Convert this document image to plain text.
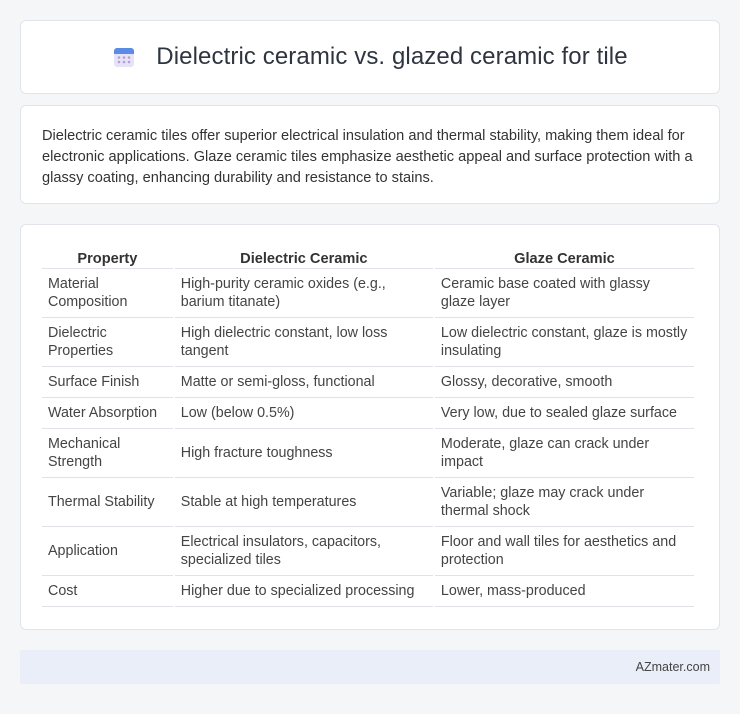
Dielectric ceramic vs. glazed ceramic for tile

Dielectric ceramic tiles offer superior electrical insulation and thermal stability, making them ideal for electronic applications. Glaze ceramic tiles emphasize aesthetic appeal and surface protection with a glassy coating, enhancing durability and resistance to stains.

Property	Dielectric Ceramic	Glaze Ceramic
Material Composition	High-purity ceramic oxides (e.g., barium titanate)	Ceramic base coated with glassy glaze layer
Dielectric Properties	High dielectric constant, low loss tangent	Low dielectric constant, glaze is mostly insulating
Surface Finish	Matte or semi-gloss, functional	Glossy, decorative, smooth
Water Absorption	Low (below 0.5%)	Very low, due to sealed glaze surface
Mechanical Strength	High fracture toughness	Moderate, glaze can crack under impact
Thermal Stability	Stable at high temperatures	Variable; glaze may crack under thermal shock
Application	Electrical insulators, capacitors, specialized tiles	Floor and wall tiles for aesthetics and protection
Cost	Higher due to specialized processing	Lower, mass-produced
AZmater.com
